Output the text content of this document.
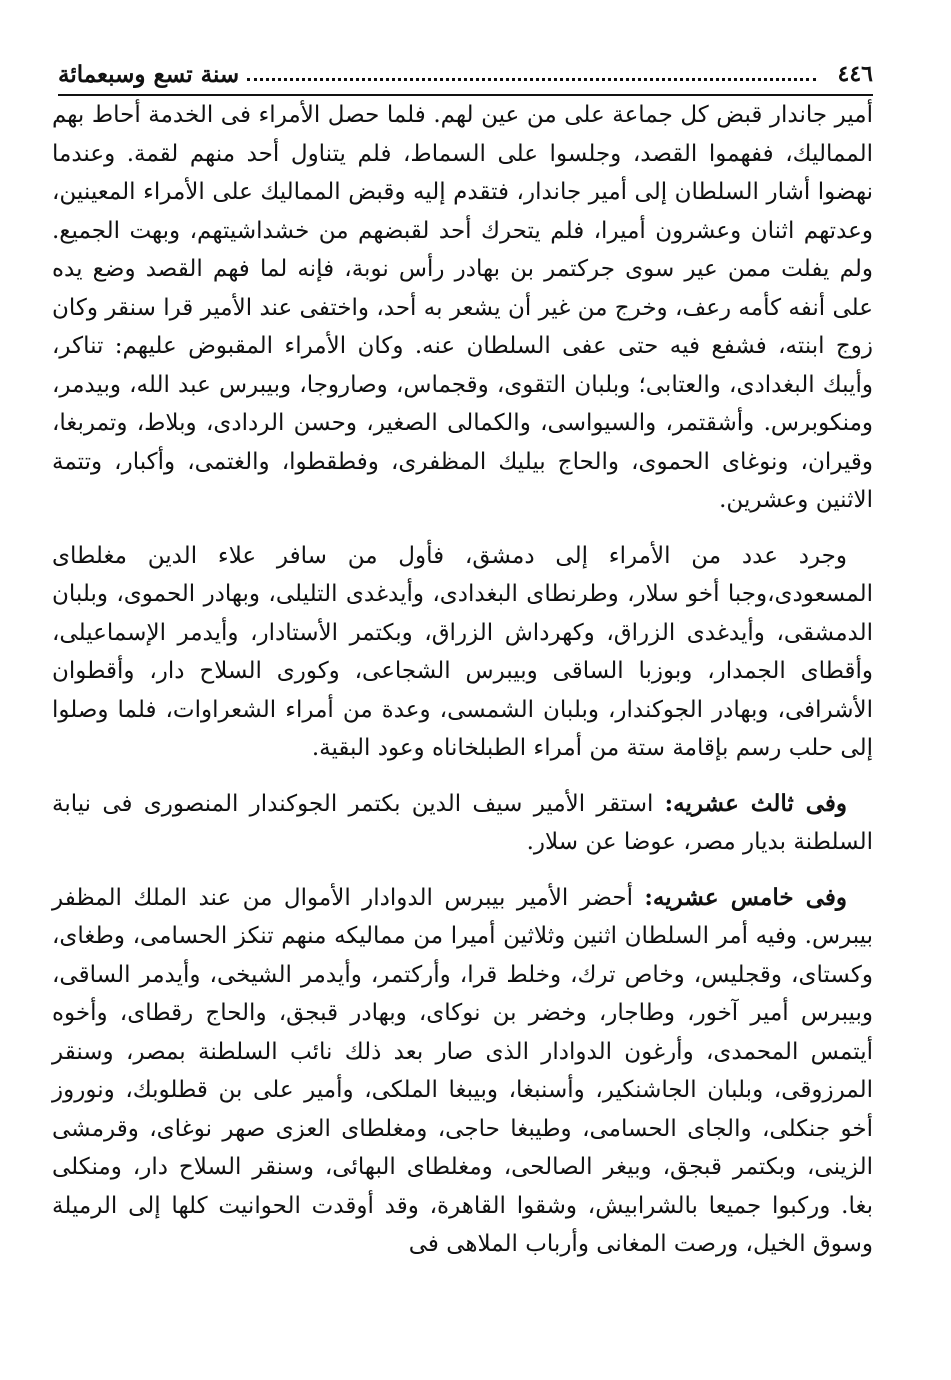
٤٤٦
سنة تسع وسبعمائة

أمير جاندار قبض كل جماعة على من عين لهم. فلما حصل الأمراء فى الخدمة أحاط بهم المماليك، ففهموا القصد، وجلسوا على السماط، فلم يتناول أحد منهم لقمة. وعندما نهضوا أشار السلطان إلى أمير جاندار، فتقدم إليه وقبض المماليك على الأمراء المعينين، وعدتهم اثنان وعشرون أميرا، فلم يتحرك أحد لقبضهم من خشداشيتهم، وبهت الجميع. ولم يفلت ممن عير سوى جركتمر بن بهادر رأس نوبة، فإنه لما فهم القصد وضع يده على أنفه كأمه رعف، وخرج من غير أن يشعر به أحد، واختفى عند الأمير قرا سنقر وكان زوج ابنته، فشفع فيه حتى عفى السلطان عنه. وكان الأمراء المقبوض عليهم: تناكر، وأيبك البغدادى، والعتابى؛ وبلبان التقوى، وقجماس، وصاروجا، وبيبرس عبد الله، وبيدمر، ومنكوبرس. وأشقتمر، والسيواسى، والكمالى الصغير، وحسن الردادى، وبلاط، وتمربغا، وقيران، ونوغاى الحموى، والحاج بيليك المظفرى، وفطقطوا، والغتمى، وأكبار، وتتمة الاثنين وعشرين.

وجرد عدد من الأمراء إلى دمشق، فأول من سافر علاء الدين مغلطاى المسعودى،وجبا أخو سلار، وطرنطاى البغدادى، وأيدغدى التليلى، وبهادر الحموى، وبلبان الدمشقى، وأيدغدى الزراق، وكهرداش الزراق، وبكتمر الأستادار، وأيدمر الإسماعيلى، وأقطاى الجمدار، وبوزبا الساقى وبيبرس الشجاعى، وكورى السلاح دار، وأقطوان الأشرافى، وبهادر الجوكندار، وبلبان الشمسى، وعدة من أمراء الشعراوات، فلما وصلوا إلى حلب رسم بإقامة ستة من أمراء الطبلخاناه وعود البقية.

وفى ثالث عشريه: استقر الأمير سيف الدين بكتمر الجوكندار المنصورى فى نيابة السلطنة بديار مصر، عوضا عن سلار.

وفى خامس عشريه: أحضر الأمير بيبرس الدوادار الأموال من عند الملك المظفر بيبرس. وفيه أمر السلطان اثنين وثلاثين أميرا من مماليكه منهم تنكز الحسامى، وطغاى، وكستاى، وقجليس، وخاص ترك، وخلط قرا، وأركتمر، وأيدمر الشيخى، وأيدمر الساقى، وبيبرس أمير آخور، وطاجار، وخضر بن نوكاى، وبهادر قبجق، والحاج رقطاى، وأخوه أيتمس المحمدى، وأرغون الدوادار الذى صار بعد ذلك نائب السلطنة بمصر، وسنقر المرزوقى، وبلبان الجاشنكير، وأسنبغا، وبيبغا الملكى، وأمير على بن قطلوبك، ونوروز أخو جنكلى، والجاى الحسامى، وطيبغا حاجى، ومغلطاى العزى صهر نوغاى، وقرمشى الزينى، وبكتمر قبجق، وبيغر الصالحى، ومغلطاى البهائى، وسنقر السلاح دار، ومنكلى بغا. وركبوا جميعا بالشرابيش، وشقوا القاهرة، وقد أوقدت الحوانيت كلها إلى الرميلة وسوق الخيل، ورصت المغانى وأرباب الملاهى فى
